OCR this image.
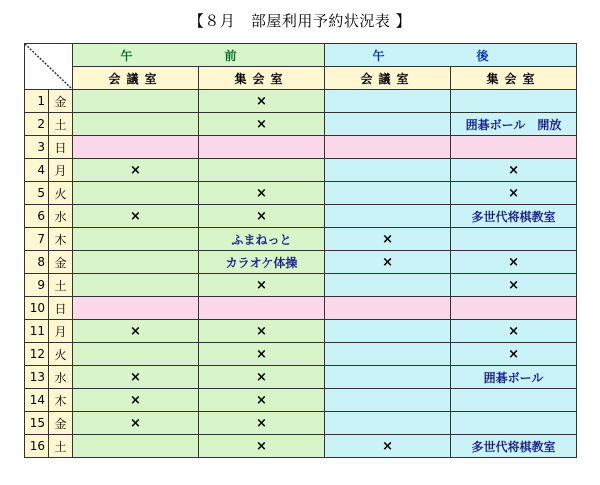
【８月　部屋利用予約状況表 】
	午　前		午　後	
		会議室	集会室	会議室	集会室
1	金		×		
2	土		×		囲碁ボール　開放
3	日				
4	月	×			×
5	火		×		×
6	水	×	×		多世代将棋教室
7	木		ふまねっと	×	
8	金		カラオケ体操	×	×
9	土		×		×
10	日				
11	月	×	×		×
12	火		×		×
13	水	×	×		囲碁ボール
14	木	×	×		
15	金	×	×		
16	土		×	×	多世代将棋教室
